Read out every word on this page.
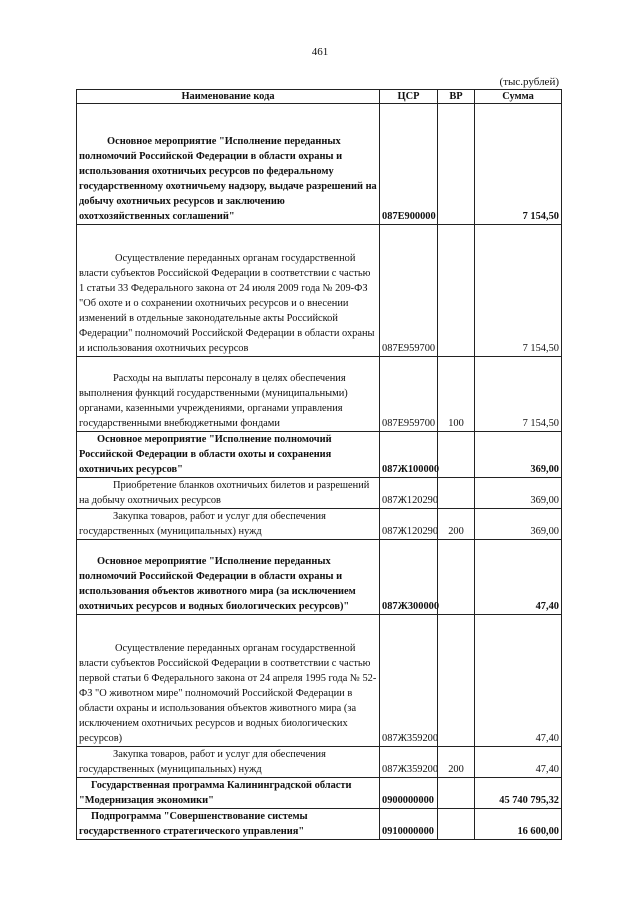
461
(тыс.рублей)
Наименование кода	ЦСР	ВР	Сумма
Основное мероприятие "Исполнение переданных полномочий Российской Федерации в области охраны и использования охотничьих ресурсов по федеральному государственному охотничьему надзору, выдаче разрешений на добычу охотничьих ресурсов и заключению охотхозяйственных соглашений"	087Е900000		7 154,50
Осуществление переданных органам государственной власти субъектов Российской Федерации в соответствии с частью 1 статьи 33 Федерального закона от 24 июля 2009 года № 209-ФЗ "Об охоте и о сохранении охотничьих ресурсов и о внесении изменений в отдельные законодательные акты Российской Федерации" полномочий Российской Федерации в области охраны и использования охотничьих ресурсов	087Е959700		7 154,50
Расходы на выплаты персоналу в целях обеспечения выполнения функций государственными (муниципальными) органами, казенными учреждениями, органами управления государственными внебюджетными фондами	087Е959700	100	7 154,50
Основное мероприятие "Исполнение полномочий Российской Федерации в области охоты и сохранения охотничьих ресурсов"	087Ж100000		369,00
Приобретение бланков охотничьих билетов и разрешений на добычу охотничьих ресурсов	087Ж120290		369,00
Закупка товаров, работ и услуг для обеспечения государственных (муниципальных) нужд	087Ж120290	200	369,00
Основное мероприятие "Исполнение переданных полномочий Российской Федерации в области охраны и использования объектов животного мира (за исключением охотничьих ресурсов и водных биологических ресурсов)"	087Ж300000		47,40
Осуществление переданных органам государственной власти субъектов Российской Федерации в соответствии с частью первой статьи 6 Федерального закона от 24 апреля 1995 года № 52-ФЗ "О животном мире" полномочий Российской Федерации в области охраны и использования объектов животного мира (за исключением охотничьих ресурсов и водных биологических ресурсов)	087Ж359200		47,40
Закупка товаров, работ и услуг для обеспечения государственных (муниципальных) нужд	087Ж359200	200	47,40
Государственная программа Калининградской области "Модернизация экономики"	0900000000		45 740 795,32
Подпрограмма "Совершенствование системы государственного стратегического управления"	0910000000		16 600,00
